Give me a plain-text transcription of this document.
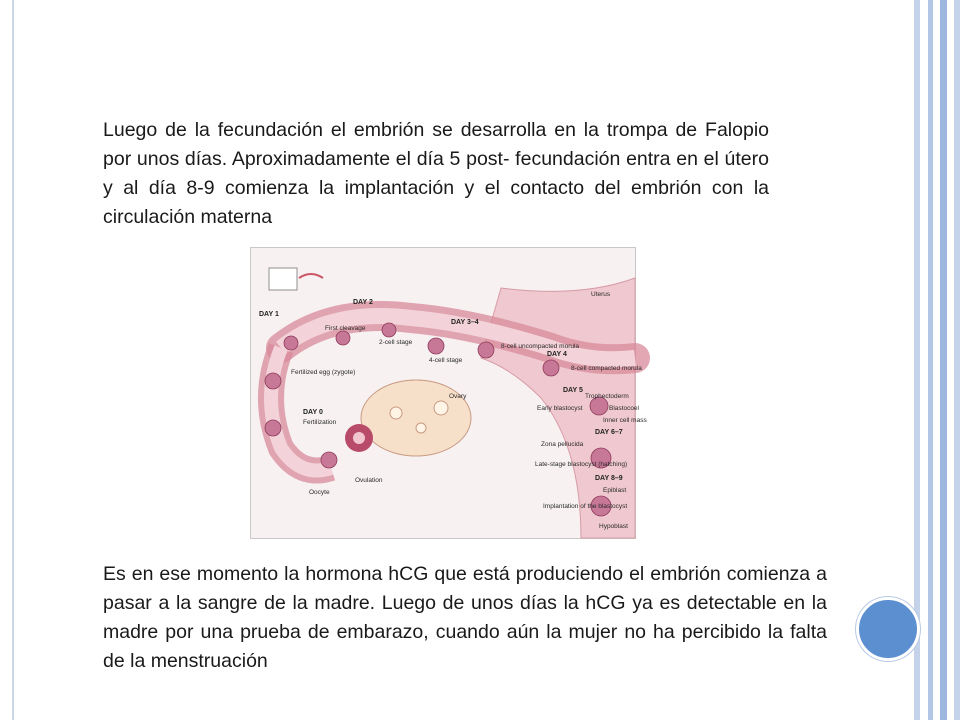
Luego de la fecundación el embrión se desarrolla en la trompa de Falopio por unos días. Aproximadamente el día 5 post- fecundación entra en el útero y al día 8-9 comienza la implantación y el contacto del embrión con la circulación materna

DAY 1
DAY 2
DAY 3–4
DAY 4
DAY 5
DAY 6–7
DAY 8–9
DAY 0
Uterus
First cleavage
2-cell stage
4-cell stage
8-cell uncompacted morula
8-cell compacted morula
Fertilized egg (zygote)
Fertilization
Ovary
Oocyte
Ovulation
Trophectoderm
Blastocoel
Inner cell mass
Early blastocyst
Zona pellucida
Late-stage blastocyst (hatching)
Epiblast
Implantation of the blastocyst
Hypoblast

Es en ese momento la hormona hCG que está produciendo el embrión comienza a pasar a la sangre de la madre. Luego de unos días la hCG ya es detectable en la madre por una prueba de embarazo, cuando aún la mujer no ha percibido la falta de la menstruación
